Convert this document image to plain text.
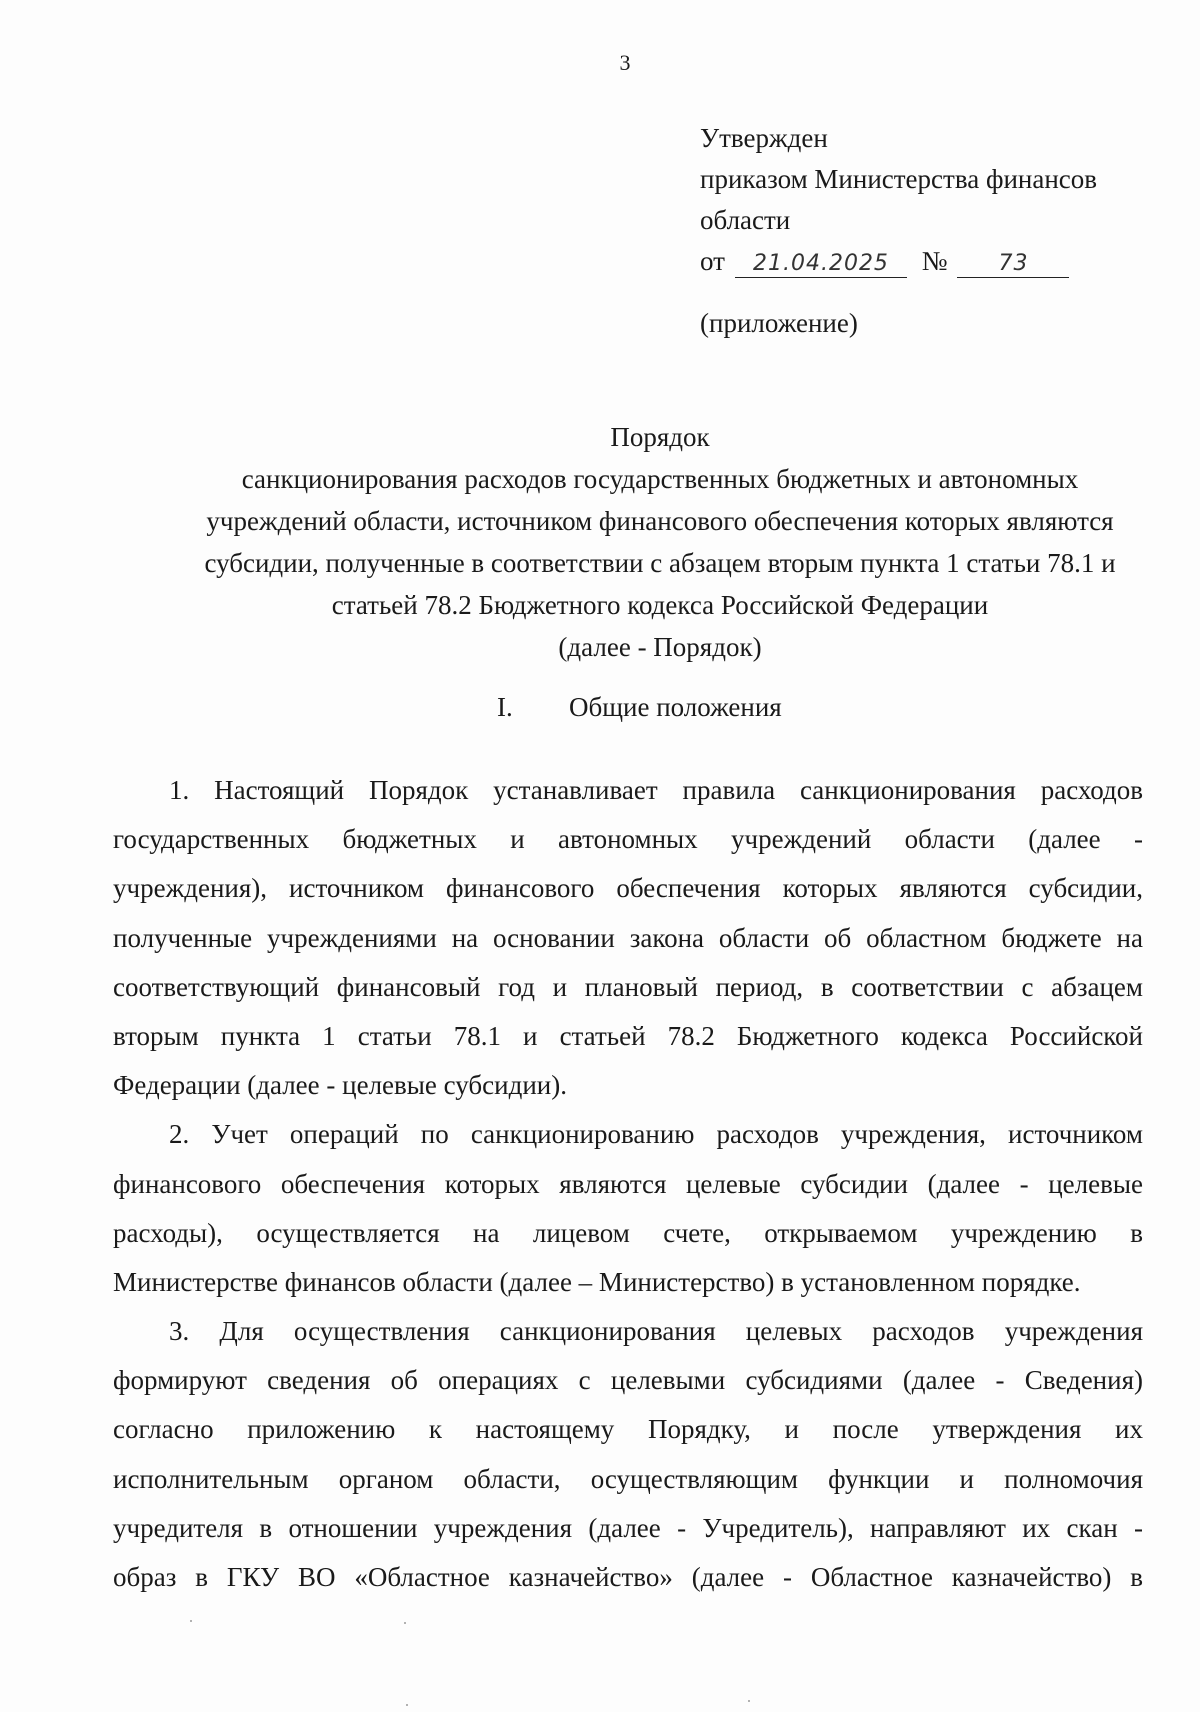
3
Утвержден
приказом Министерства финансов
области
от 21.04.2025 № 73
(приложение)
Порядок
санкционирования расходов государственных бюджетных и автономных
учреждений области, источником финансового обеспечения которых являются
субсидии, полученные в соответствии с абзацем вторым пункта 1 статьи 78.1 и
статьей 78.2 Бюджетного кодекса Российской Федерации
(далее - Порядок)
I. Общие положения
1. Настоящий Порядок устанавливает правила санкционирования расходов
государственных бюджетных и автономных учреждений области (далее -
учреждения), источником финансового обеспечения которых являются субсидии,
полученные учреждениями на основании закона области об областном бюджете на
соответствующий финансовый год и плановый период, в соответствии с абзацем
вторым пункта 1 статьи 78.1 и статьей 78.2 Бюджетного кодекса Российской
Федерации (далее - целевые субсидии).
2. Учет операций по санкционированию расходов учреждения, источником
финансового обеспечения которых являются целевые субсидии (далее - целевые
расходы), осуществляется на лицевом счете, открываемом учреждению в
Министерстве финансов области (далее – Министерство) в установленном порядке.
3. Для осуществления санкционирования целевых расходов учреждения
формируют сведения об операциях с целевыми субсидиями (далее - Сведения)
согласно приложению к настоящему Порядку, и после утверждения их
исполнительным органом области, осуществляющим функции и полномочия
учредителя в отношении учреждения (далее - Учредитель), направляют их скан -
образ в ГКУ ВО «Областное казначейство» (далее - Областное казначейство) в
